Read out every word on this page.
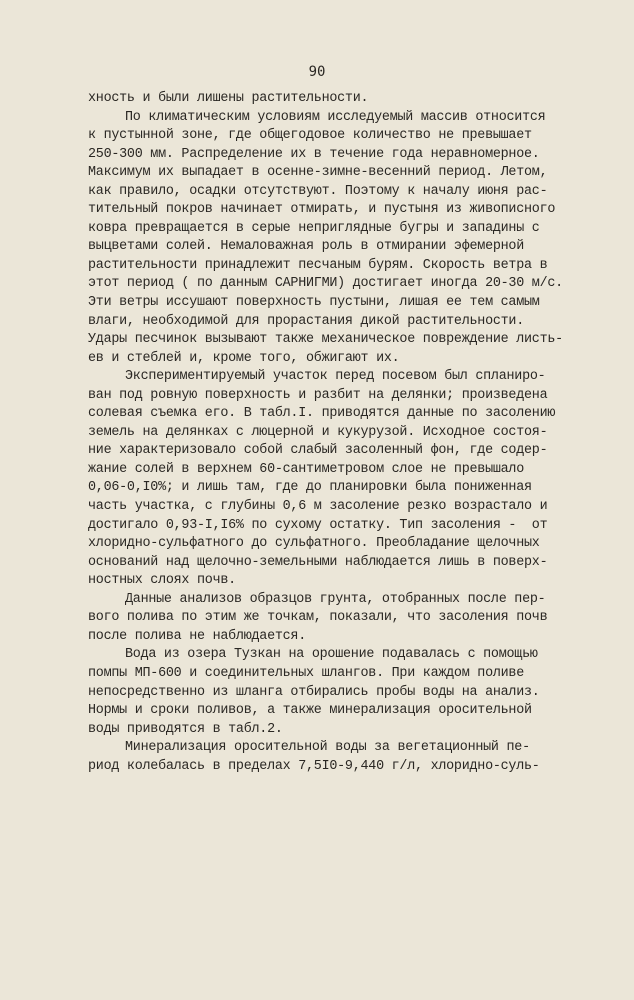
90
хность и были лишены растительности.
По климатическим условиям исследуемый массив относится
к пустынной зоне, где общегодовое количество не превышает
250-300 мм. Распределение их в течение года неравномерное.
Максимум их выпадает в осенне-зимне-весенний период. Летом,
как правило, осадки отсутствуют. Поэтому к началу июня рас-
тительный покров начинает отмирать, и пустыня из живописного
ковра превращается в серые неприглядные бугры и западины с
выцветами солей. Немаловажная роль в отмирании эфемерной
растительности принадлежит песчаным бурям. Скорость ветра в
этот период ( по данным САРНИГМИ) достигает иногда 20-30 м/с.
Эти ветры иссушают поверхность пустыни, лишая ее тем самым
влаги, необходимой для прорастания дикой растительности.
Удары песчинок вызывают также механическое повреждение листь-
ев и стеблей и, кроме того, обжигают их.
Экспериментируемый участок перед посевом был спланиро-
ван под ровную поверхность и разбит на делянки; произведена
солевая съемка его. В табл.I. приводятся данные по засолению
земель на делянках с люцерной и кукурузой. Исходное состоя-
ние характеризовало собой слабый засоленный фон, где содер-
жание солей в верхнем 60-сантиметровом слое не превышало
0,06-0,I0%; и лишь там, где до планировки была пониженная
часть участка, с глубины 0,6 м засоление резко возрастало и
достигало 0,93-I,I6% по сухому остатку. Тип засоления -  от
хлоридно-сульфатного до сульфатного. Преобладание щелочных
оснований над щелочно-земельными наблюдается лишь в поверх-
ностных слоях почв.
Данные анализов образцов грунта, отобранных после пер-
вого полива по этим же точкам, показали, что засоления почв
после полива не наблюдается.
Вода из озера Тузкан на орошение подавалась с помощью
помпы МП-600 и соединительных шлангов. При каждом поливе
непосредственно из шланга отбирались пробы воды на анализ.
Нормы и сроки поливов, а также минерализация оросительной
воды приводятся в табл.2.
Минерализация оросительной воды за вегетационный пе-
риод колебалась в пределах 7,5I0-9,440 г/л, хлоридно-суль-
